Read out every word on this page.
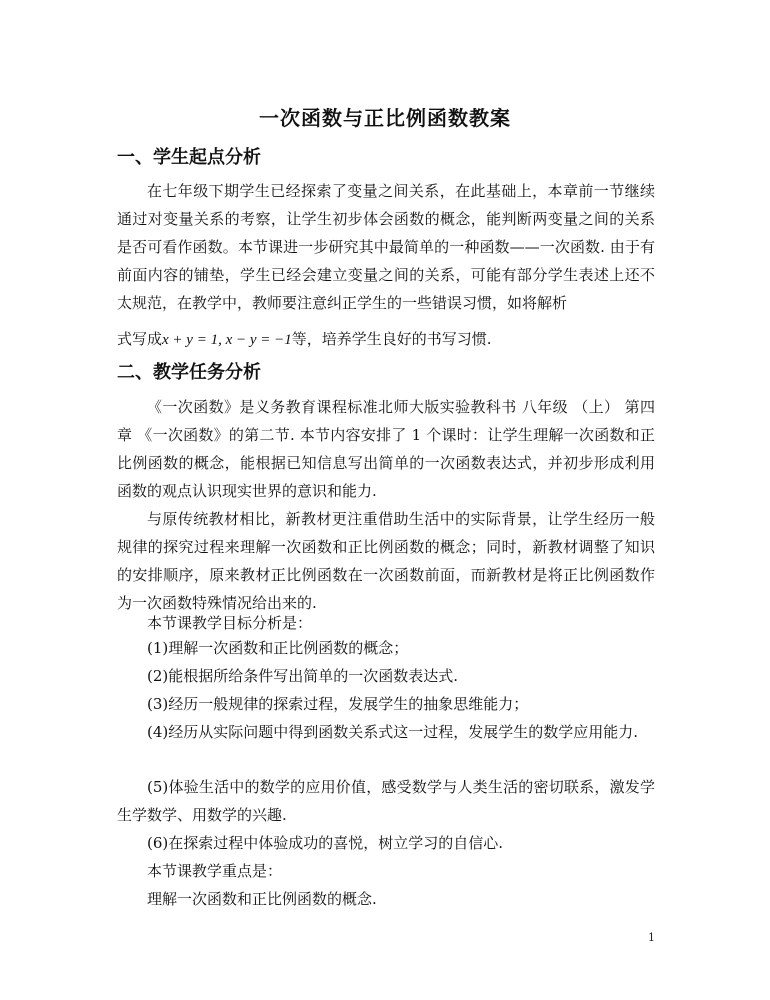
一次函数与正比例函数教案
一、学生起点分析

在七年级下期学生已经探索了变量之间关系，在此基础上，本章前一节继续通过对变量关系的考察，让学生初步体会函数的概念，能判断两变量之间的关系是否可看作函数。本节课进一步研究其中最简单的一种函数——一次函数. 由于有前面内容的铺垫，学生已经会建立变量之间的关系，可能有部分学生表述上还不太规范，在教学中，教师要注意纠正学生的一些错误习惯，如将解析

式写成x + y = 1, x − y = −1等，培养学生良好的书写习惯.
二、教学任务分析

《一次函数》是义务教育课程标准北师大版实验教科书 八年级 （上） 第四章 《一次函数》的第二节. 本节内容安排了 1 个课时：让学生理解一次函数和正比例函数的概念，能根据已知信息写出简单的一次函数表达式，并初步形成利用函数的观点认识现实世界的意识和能力.

与原传统教材相比，新教材更注重借助生活中的实际背景，让学生经历一般规律的探究过程来理解一次函数和正比例函数的概念；同时，新教材调整了知识的安排顺序，原来教材正比例函数在一次函数前面，而新教材是将正比例函数作为一次函数特殊情况给出来的.

本节课教学目标分析是：
(1)理解一次函数和正比例函数的概念；
(2)能根据所给条件写出简单的一次函数表达式.
(3)经历一般规律的探索过程，发展学生的抽象思维能力；

(4)经历从实际问题中得到函数关系式这一过程，发展学生的数学应用能力.

(5)体验生活中的数学的应用价值，感受数学与人类生活的密切联系，激发学生学数学、用数学的兴趣.

(6)在探索过程中体验成功的喜悦，树立学习的自信心.
本节课教学重点是：
理解一次函数和正比例函数的概念.
1
